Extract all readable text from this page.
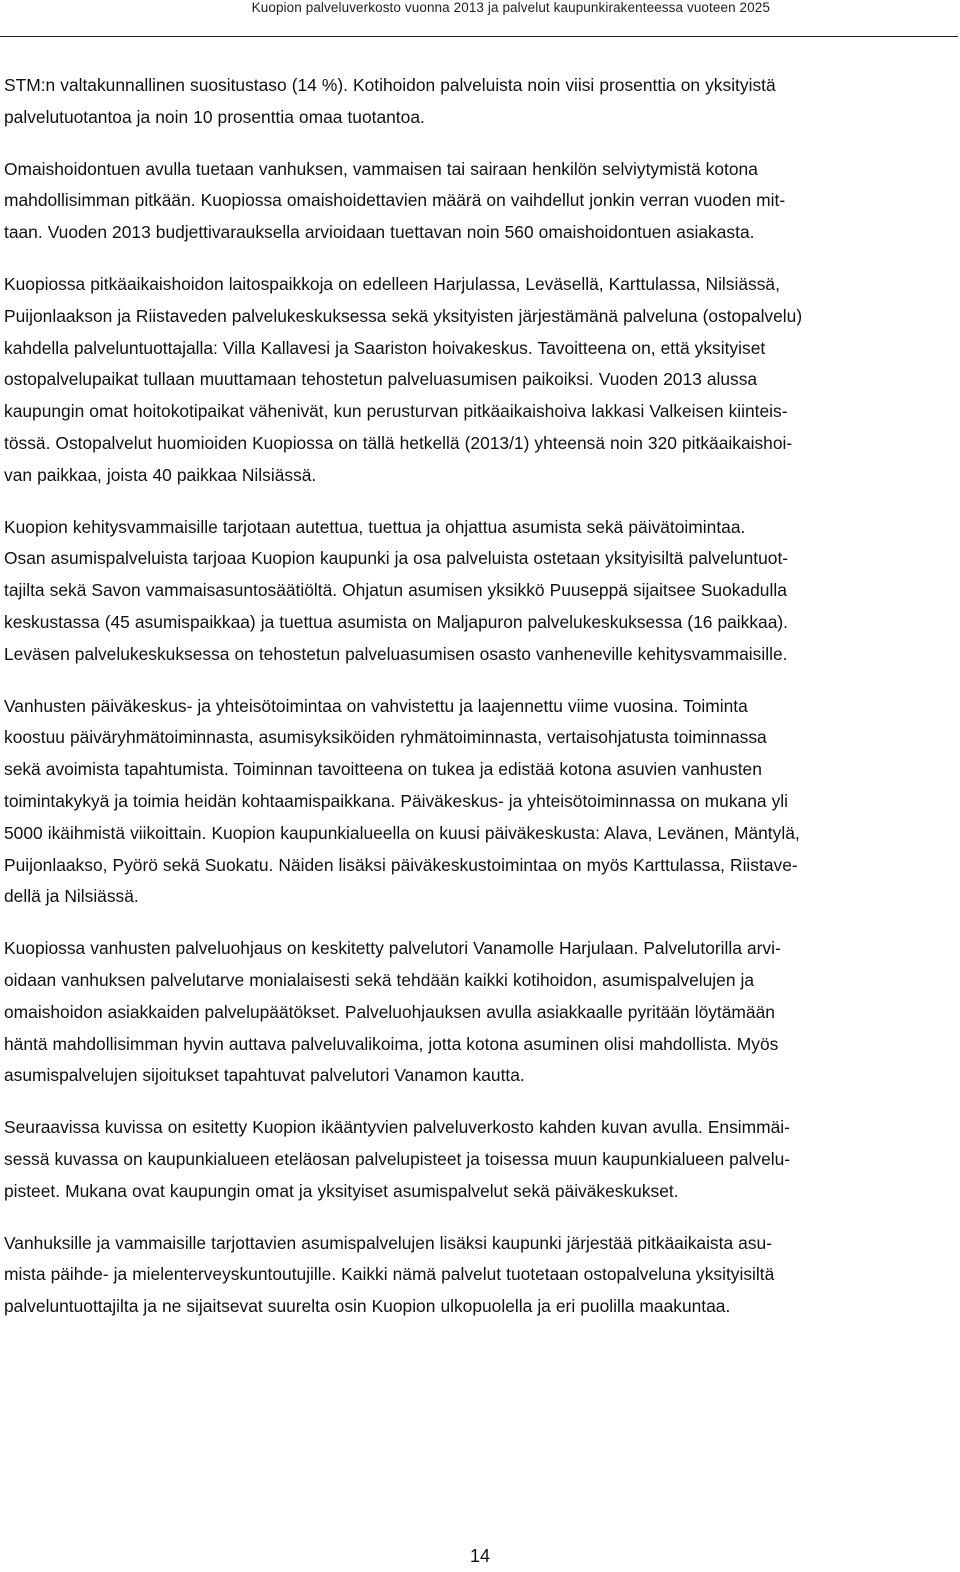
Kuopion palveluverkosto vuonna 2013 ja palvelut kaupunkirakenteessa vuoteen 2025

STM:n valtakunnallinen suositustaso (14 %). Kotihoidon palveluista noin viisi prosenttia on yksityistä
palvelutuotantoa ja noin 10 prosenttia omaa tuotantoa.

Omaishoidontuen avulla tuetaan vanhuksen, vammaisen tai sairaan henkilön selviytymistä kotona
mahdollisimman pitkään. Kuopiossa omaishoidettavien määrä on vaihdellut jonkin verran vuoden mit-
taan. Vuoden 2013 budjettivarauksella arvioidaan tuettavan noin 560 omaishoidontuen asiakasta.

Kuopiossa pitkäaikaishoidon laitospaikkoja on edelleen Harjulassa, Leväsellä, Karttulassa, Nilsiässä,
Puijonlaakson ja Riistaveden palvelukeskuksessa sekä yksityisten järjestämänä palveluna (ostopalvelu)
kahdella palveluntuottajalla: Villa Kallavesi ja Saariston hoivakeskus. Tavoitteena on, että yksityiset
ostopalvelupaikat tullaan muuttamaan tehostetun palveluasumisen paikoiksi. Vuoden 2013 alussa
kaupungin omat hoitokotipaikat vähenivät, kun perusturvan pitkäaikaishoiva lakkasi Valkeisen kiinteis-
tössä. Ostopalvelut huomioiden Kuopiossa on tällä hetkellä (2013/1) yhteensä noin 320 pitkäaikaishoi-
van paikkaa, joista 40 paikkaa Nilsiässä.

Kuopion kehitysvammaisille tarjotaan autettua, tuettua ja ohjattua asumista sekä päivätoimintaa.
Osan asumispalveluista tarjoaa Kuopion kaupunki ja osa palveluista ostetaan yksityisiltä palveluntuot-
tajilta sekä Savon vammaisasuntosäätiöltä. Ohjatun asumisen yksikkö Puuseppä sijaitsee Suokadulla
keskustassa (45 asumispaikkaa) ja tuettua asumista on Maljapuron palvelukeskuksessa (16 paikkaa).
Leväsen palvelukeskuksessa on tehostetun palveluasumisen osasto vanheneville kehitysvammaisille.

Vanhusten päiväkeskus- ja yhteisötoimintaa on vahvistettu ja laajennettu viime vuosina. Toiminta
koostuu päiväryhmätoiminnasta, asumisyksiköiden ryhmätoiminnasta, vertaisohjatusta toiminnassa
sekä avoimista tapahtumista. Toiminnan tavoitteena on tukea ja edistää kotona asuvien vanhusten
toimintakykyä ja toimia heidän kohtaamispaikkana. Päiväkeskus- ja yhteisötoiminnassa on mukana yli
5000 ikäihmistä viikoittain. Kuopion kaupunkialueella on kuusi päiväkeskusta: Alava, Levänen, Mäntylä,
Puijonlaakso, Pyörö sekä Suokatu. Näiden lisäksi päiväkeskustoimintaa on myös Karttulassa, Riistave-
dellä ja Nilsiässä.

Kuopiossa vanhusten palveluohjaus on keskitetty palvelutori Vanamolle Harjulaan. Palvelutorilla arvi-
oidaan vanhuksen palvelutarve monialaisesti sekä tehdään kaikki kotihoidon, asumispalvelujen ja
omaishoidon asiakkaiden palvelupäätökset. Palveluohjauksen avulla asiakkaalle pyritään löytämään
häntä mahdollisimman hyvin auttava palveluvalikoima, jotta kotona asuminen olisi mahdollista. Myös
asumispalvelujen sijoitukset tapahtuvat palvelutori Vanamon kautta.

Seuraavissa kuvissa on esitetty Kuopion ikääntyvien palveluverkosto kahden kuvan avulla. Ensimmäi-
sessä kuvassa on kaupunkialueen eteläosan palvelupisteet ja toisessa muun kaupunkialueen palvelu-
pisteet. Mukana ovat kaupungin omat ja yksityiset asumispalvelut sekä päiväkeskukset.

Vanhuksille ja vammaisille tarjottavien asumispalvelujen lisäksi kaupunki järjestää pitkäaikaista asu-
mista päihde- ja mielenterveyskuntoutujille. Kaikki nämä palvelut tuotetaan ostopalveluna yksityisiltä
palveluntuottajilta ja ne sijaitsevat suurelta osin Kuopion ulkopuolella ja eri puolilla maakuntaa.

14
